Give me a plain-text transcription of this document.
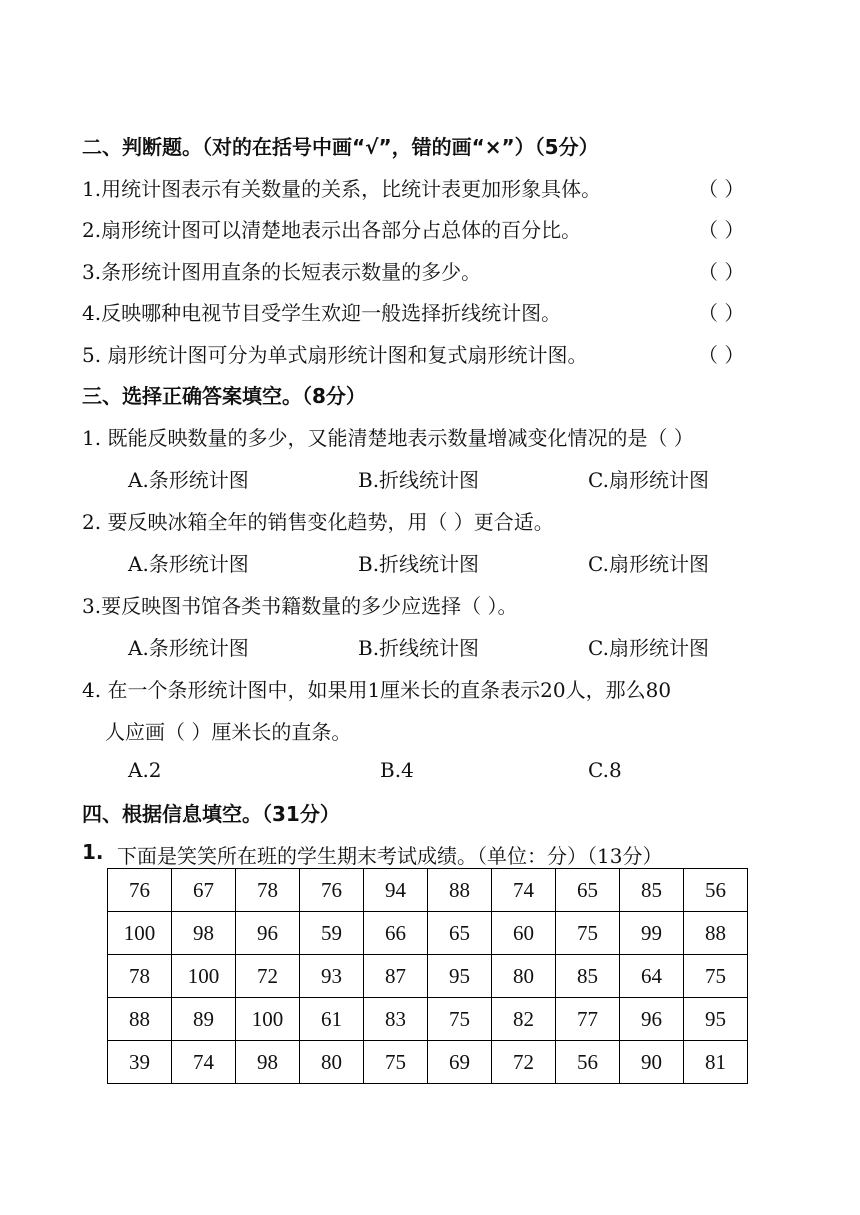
二、判断题。（对的在括号中画“√”，错的画“×”）（5分）
1.用统计图表示有关数量的关系，比统计表更加形象具体。	（ ）
2.扇形统计图可以清楚地表示出各部分占总体的百分比。	（ ）
3.条形统计图用直条的长短表示数量的多少。	（ ）
4.反映哪种电视节目受学生欢迎一般选择折线统计图。	（ ）
5. 扇形统计图可分为单式扇形统计图和复式扇形统计图。	（ ）
三、选择正确答案填空。（8分）
1. 既能反映数量的多少，又能清楚地表示数量增减变化情况的是（ ）
A.条形统计图	B.折线统计图	C.扇形统计图
2. 要反映冰箱全年的销售变化趋势，用（ ）更合适。
A.条形统计图	B.折线统计图	C.扇形统计图
3.要反映图书馆各类书籍数量的多少应选择（ ）。
A.条形统计图	B.折线统计图	C.扇形统计图
4. 在一个条形统计图中，如果用1厘米长的直条表示20人，那么80
人应画（ ）厘米长的直条。
A.2	B.4	C.8
四、根据信息填空。（31分）
1. 下面是笑笑所在班的学生期末考试成绩。（单位：分）（13分）
76	67	78	76	94	88	74	65	85	56
100	98	96	59	66	65	60	75	99	88
78	100	72	93	87	95	80	85	64	75
88	89	100	61	83	75	82	77	96	95
39	74	98	80	75	69	72	56	90	81
